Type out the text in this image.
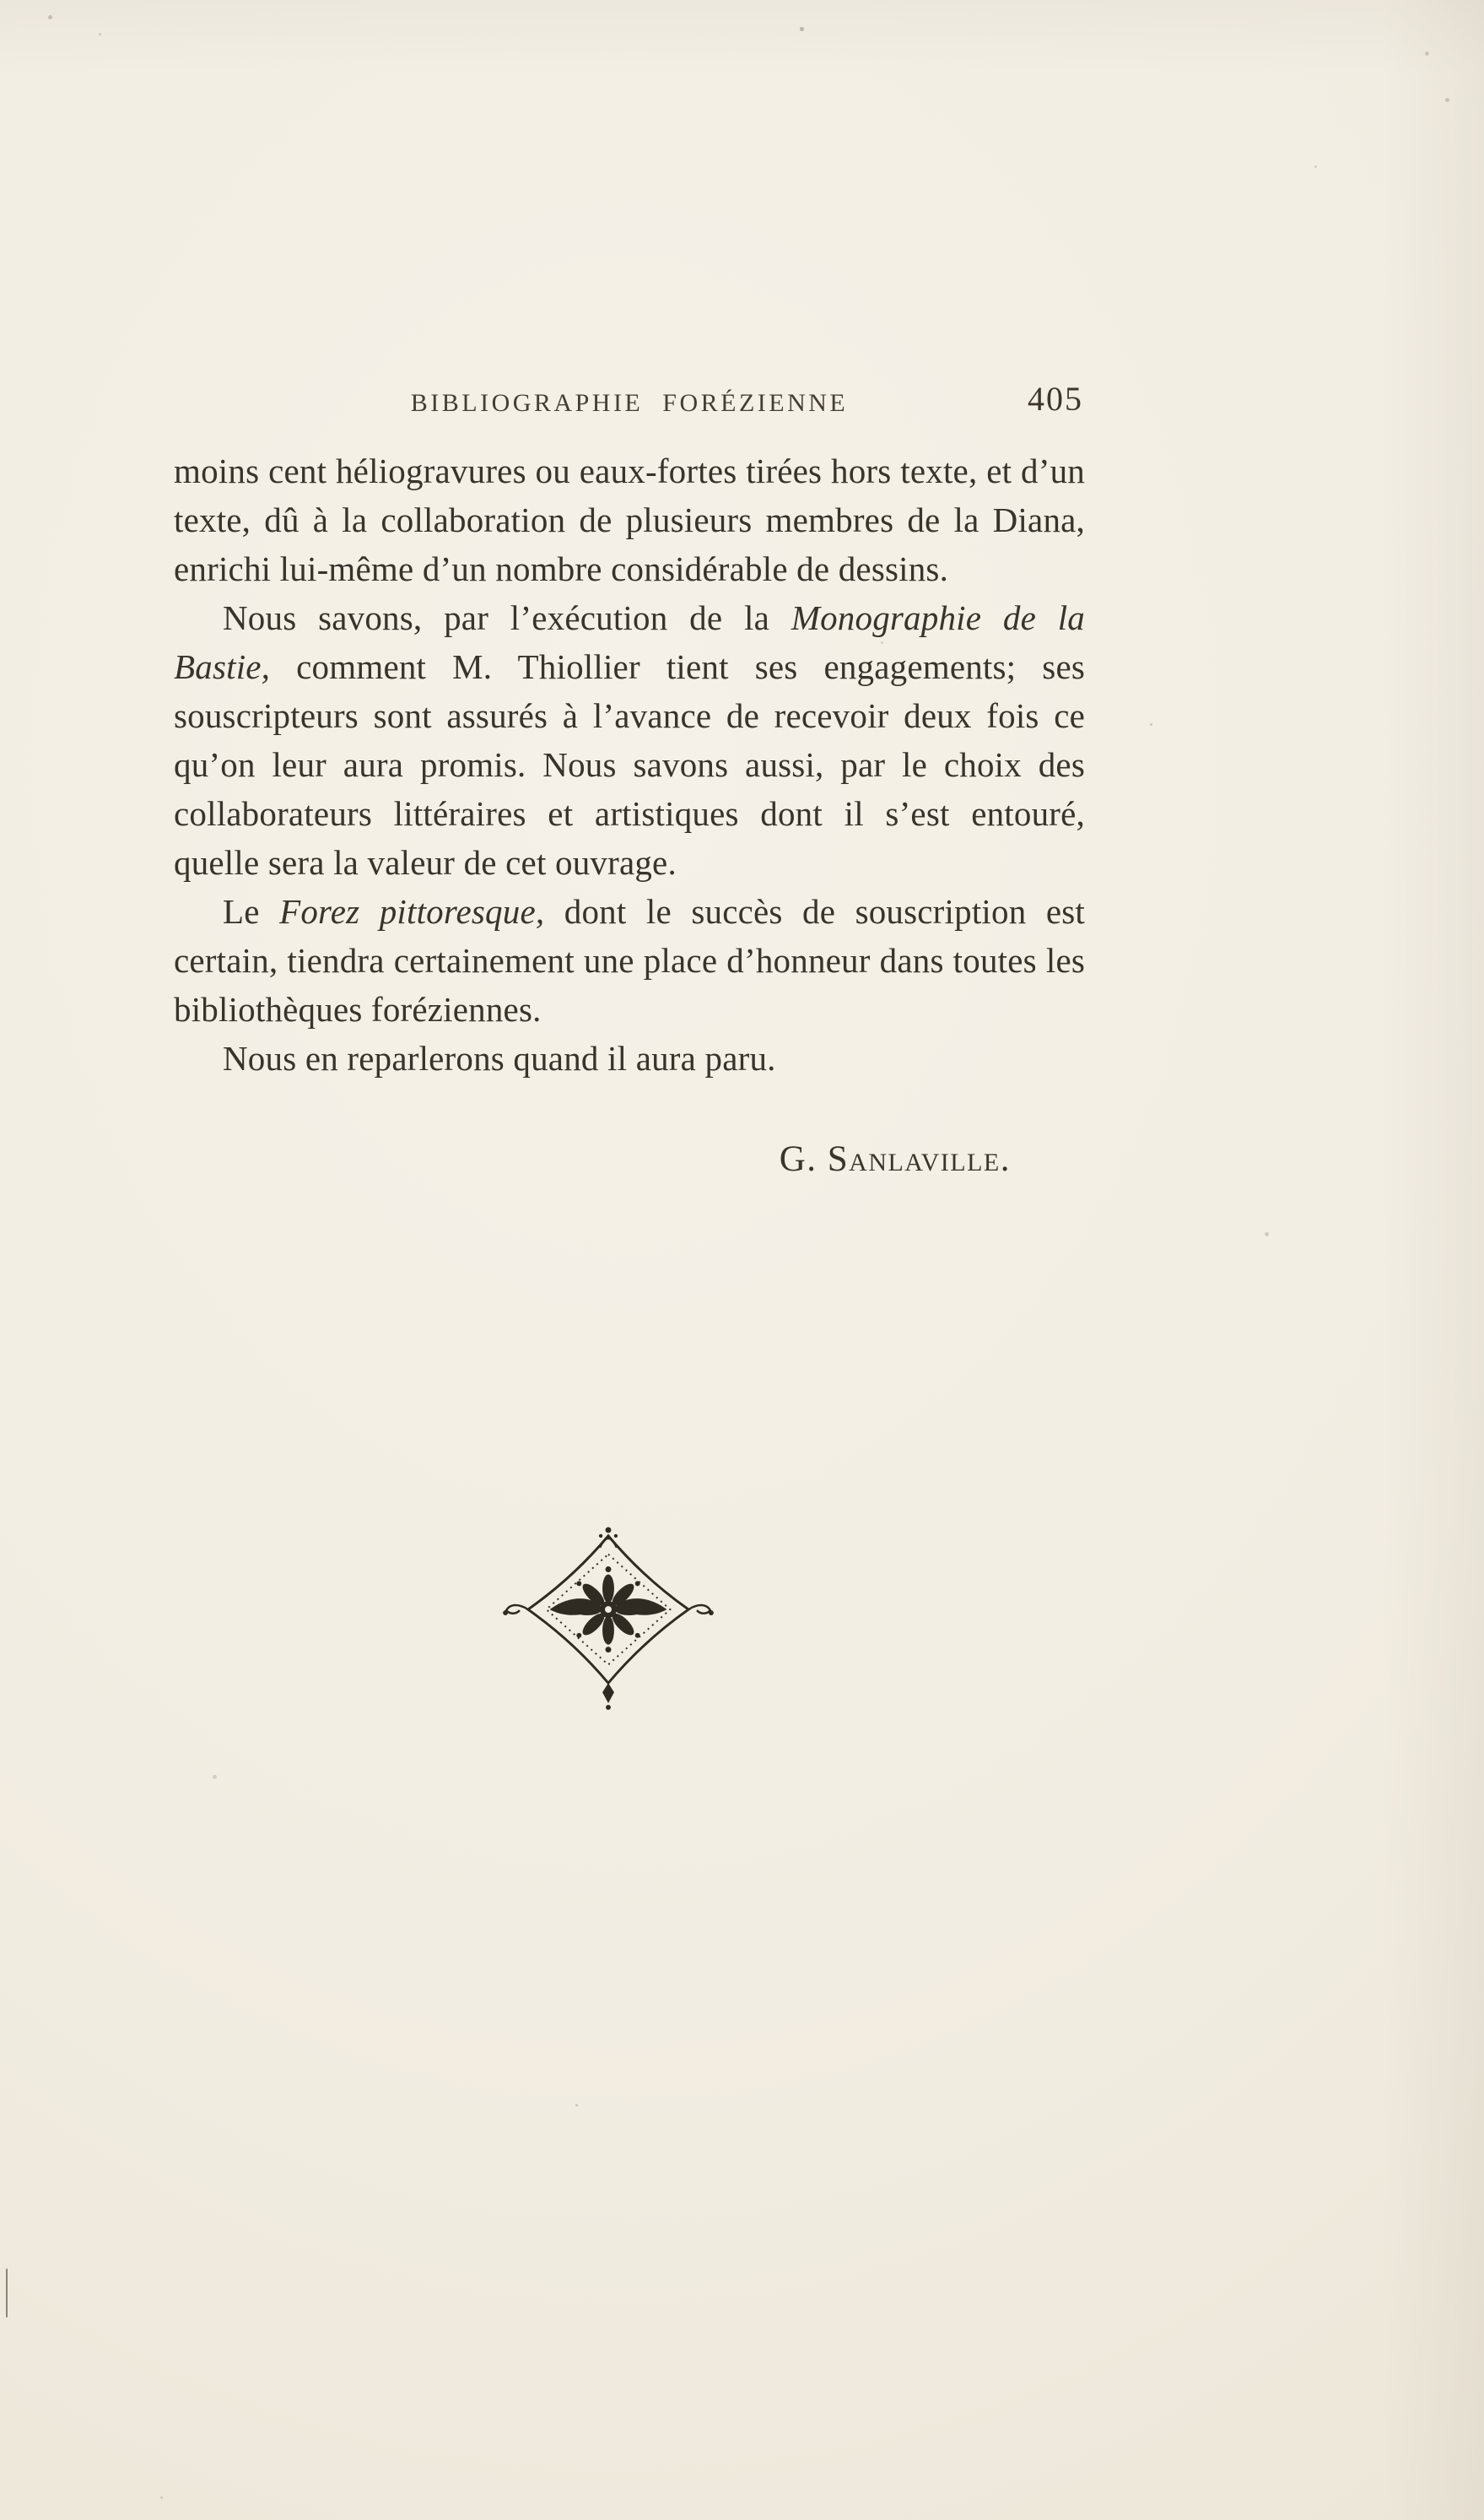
BIBLIOGRAPHIE FORÉZIENNE	405

moins cent héliogravures ou eaux-fortes tirées hors texte, et d’un texte, dû à la collaboration de plusieurs membres de la Diana, enrichi lui-même d’un nombre considérable de dessins.

Nous savons, par l’exécution de la Monographie de la Bastie, comment M. Thiollier tient ses engagements; ses souscripteurs sont assurés à l’avance de recevoir deux fois ce qu’on leur aura promis. Nous savons aussi, par le choix des collaborateurs littéraires et artistiques dont il s’est entouré, quelle sera la valeur de cet ouvrage.

Le Forez pittoresque, dont le succès de souscription est certain, tiendra certainement une place d’honneur dans toutes les bibliothèques foréziennes.

Nous en reparlerons quand il aura paru.

G. Sanlaville.
